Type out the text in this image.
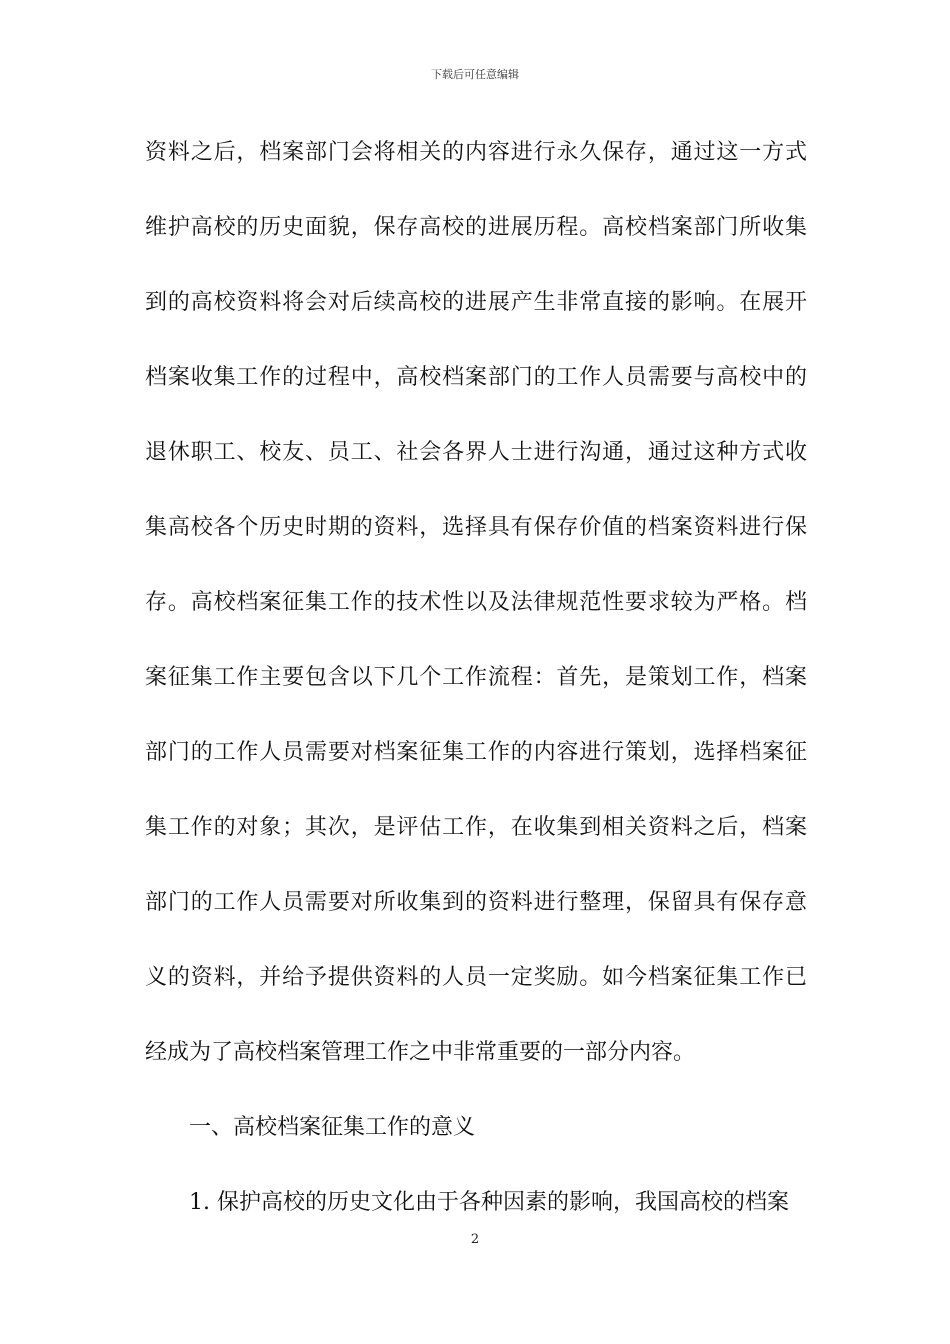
下载后可任意编辑
资料之后，档案部门会将相关的内容进行永久保存，通过这一方式
维护高校的历史面貌，保存高校的进展历程。高校档案部门所收集
到的高校资料将会对后续高校的进展产生非常直接的影响。在展开
档案收集工作的过程中，高校档案部门的工作人员需要与高校中的
退休职工、校友、员工、社会各界人士进行沟通，通过这种方式收
集高校各个历史时期的资料，选择具有保存价值的档案资料进行保
存。高校档案征集工作的技术性以及法律规范性要求较为严格。档
案征集工作主要包含以下几个工作流程：首先，是策划工作，档案
部门的工作人员需要对档案征集工作的内容进行策划，选择档案征
集工作的对象；其次，是评估工作，在收集到相关资料之后，档案
部门的工作人员需要对所收集到的资料进行整理，保留具有保存意
义的资料，并给予提供资料的人员一定奖励。如今档案征集工作已
经成为了高校档案管理工作之中非常重要的一部分内容。
一、高校档案征集工作的意义
1. 保护高校的历史文化由于各种因素的影响，我国高校的档案
2
